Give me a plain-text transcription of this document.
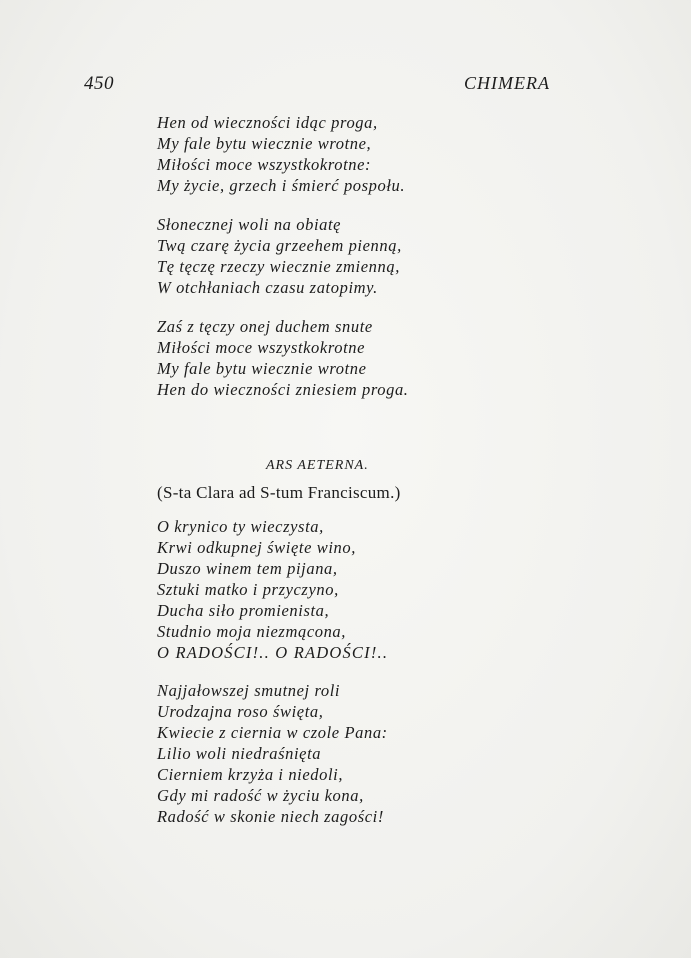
450	CHIMERA
Hen od wieczności idąc proga,
My fale bytu wiecznie wrotne,
Miłości moce wszystkokrotne:
My życie, grzech i śmierć pospołu.
Słonecznej woli na obiatę
Twą czarę życia grzeehem pienną,
Tę tęczę rzeczy wiecznie zmienną,
W otchłaniach czasu zatopimy.
Zaś z tęczy onej duchem snute
Miłości moce wszystkokrotne
My fale bytu wiecznie wrotne
Hen do wieczności zniesiem proga.
ARS AETERNA.
(S-ta Clara ad S-tum Franciscum.)
O krynico ty wieczysta,
Krwi odkupnej święte wino,
Duszo winem tem pijana,
Sztuki matko i przyczyno,
Ducha siło promienista,
Studnio moja niezmącona,
O RADOŚCI!.. O RADOŚCI!..
Najjałowszej smutnej roli
Urodzajna roso święta,
Kwiecie z ciernia w czole Pana:
Lilio woli niedraśnięta
Cierniem krzyża i niedoli,
Gdy mi radość w życiu kona,
Radość w skonie niech zagości!
